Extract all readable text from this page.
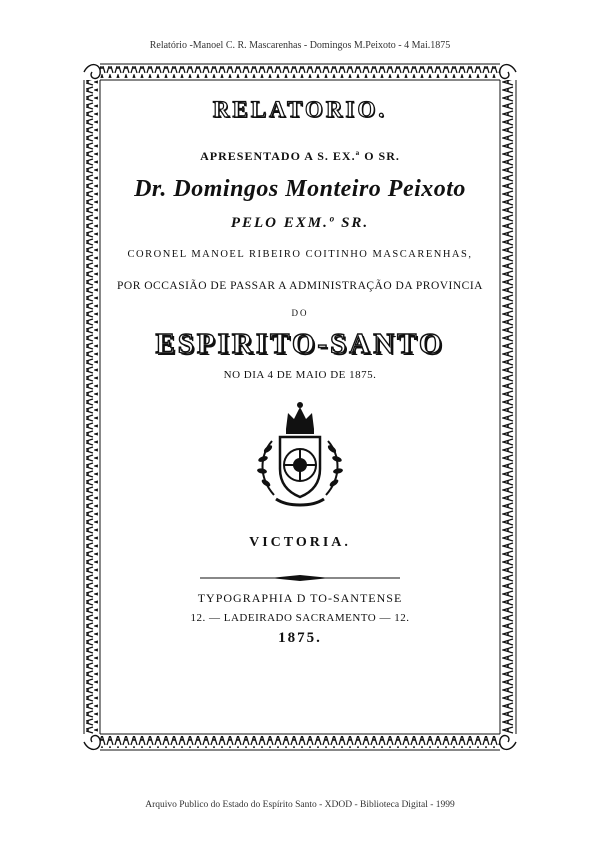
Relatório -Manoel C. R. Mascarenhas - Domingos M.Peixoto - 4 Mai.1875
RELATORIO.
APRESENTADO A S. EX.ª O SR.
Dr. Domingos Monteiro Peixoto
PELO EXM.º SR.
CORONEL MANOEL RIBEIRO COITINHO MASCARENHAS,
POR OCCASIÃO DE PASSAR A ADMINISTRAÇÃO DA PROVINCIA
DO
ESPIRITO-SANTO
NO DIA 4 DE MAIO DE 1875.
VICTORIA.
TYPOGRAPHIA D TO-SANTENSE
12. — LADEIRADO SACRAMENTO — 12.
1875.
Arquivo Publico do Estado do Espírito Santo - XDOD - Biblioteca Digital - 1999
